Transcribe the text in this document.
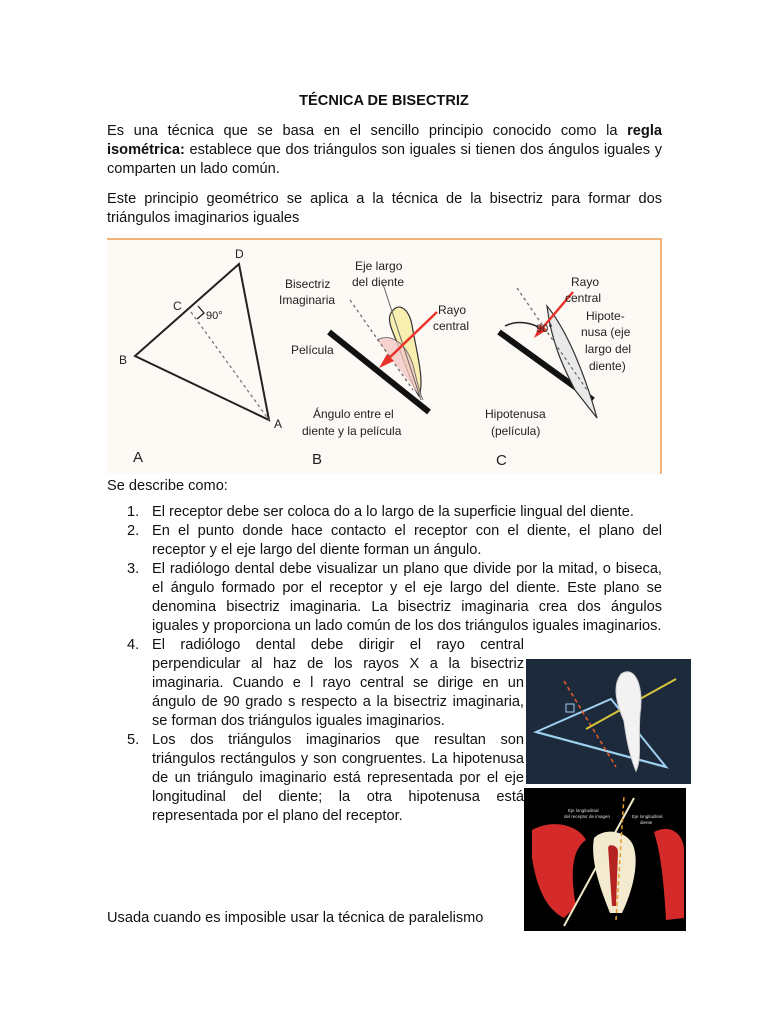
TÉCNICA DE BISECTRIZ

Es una técnica que se basa en el sencillo principio conocido como la regla isométrica: establece que dos triángulos son iguales si tienen dos ángulos iguales y comparten un lado común.

Este principio geométrico se aplica a la técnica de la bisectriz para formar dos triángulos imaginarios iguales

D
C
B
A
90°
A
Bisectriz
Imaginaria
Eje largo
del diente
Rayo
central
Película
Ángulo entre el
diente y la película
B
90°
Rayo
central
Hipote-
nusa (eje
largo del
diente)
Hipotenusa
(película)
C

Se describe como:

1. El receptor debe ser coloca do a lo largo de la superficie lingual del diente.
2. En el punto donde hace contacto el receptor con el diente, el plano del receptor y el eje largo del diente forman un ángulo.
3. El radiólogo dental debe visualizar un plano que divide por la mitad, o biseca, el ángulo formado por el receptor y el eje largo del diente. Este plano se denomina bisectriz imaginaria. La bisectriz imaginaria crea dos ángulos iguales y proporciona un lado común de los dos triángulos iguales imaginarios.
4. El radiólogo dental debe dirigir el rayo central perpendicular al haz de los rayos X a la bisectriz imaginaria. Cuando e l rayo central se dirige en un ángulo de 90 grado s respecto a la bisectriz imaginaria, se forman dos triángulos iguales imaginarios.
5. Los dos triángulos imaginarios que resultan son triángulos rectángulos y son congruentes. La hipotenusa de un triángulo imaginario está representada por el eje longitudinal del diente; la otra hipotenusa está representada por el plano del receptor.	Eje longitudinal
del receptor de imagen	Eje longitudinal
diente

Usada cuando es imposible usar la técnica de paralelismo
